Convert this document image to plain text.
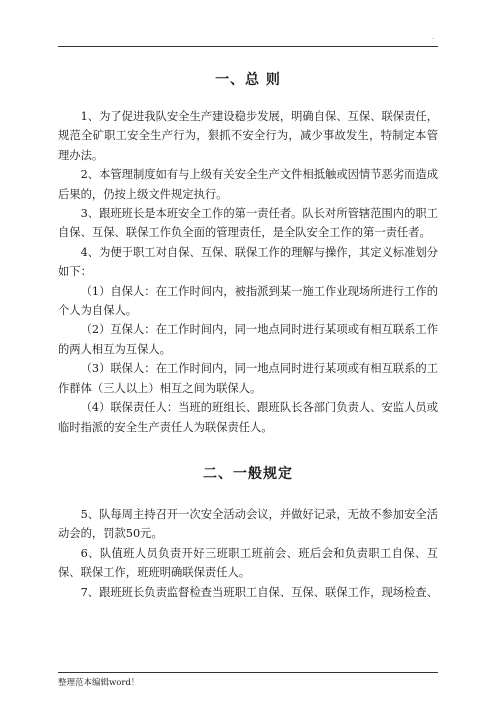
.
一、总 则

1、为了促进我队安全生产建设稳步发展，明确自保、互保、联保责任，规范全矿职工安全生产行为，狠抓不安全行为，减少事故发生，特制定本管理办法。

2、本管理制度如有与上级有关安全生产文件相抵触或因情节恶劣而造成后果的，仍按上级文件规定执行。

3、跟班班长是本班安全工作的第一责任者。队长对所管辖范围内的职工自保、互保、联保工作负全面的管理责任，是全队安全工作的第一责任者。

4、为便于职工对自保、互保、联保工作的理解与操作，其定义标准划分如下：

（1）自保人：在工作时间内，被指派到某一施工作业现场所进行工作的个人为自保人。

（2）互保人：在工作时间内，同一地点同时进行某项或有相互联系工作的两人相互为互保人。

（3）联保人：在工作时间内，同一地点同时进行某项或有相互联系的工作群体（三人以上）相互之间为联保人。

（4）联保责任人：当班的班组长、跟班队长各部门负责人、安监人员或临时指派的安全生产责任人为联保责任人。

二、一般规定

5、队每周主持召开一次安全活动会议，并做好记录，无故不参加安全活动会的，罚款50元。

6、队值班人员负责开好三班职工班前会、班后会和负责职工自保、互保、联保工作，班班明确联保责任人。

7、跟班班长负责监督检查当班职工自保、互保、联保工作，现场检查、

整理范本编辑word！
